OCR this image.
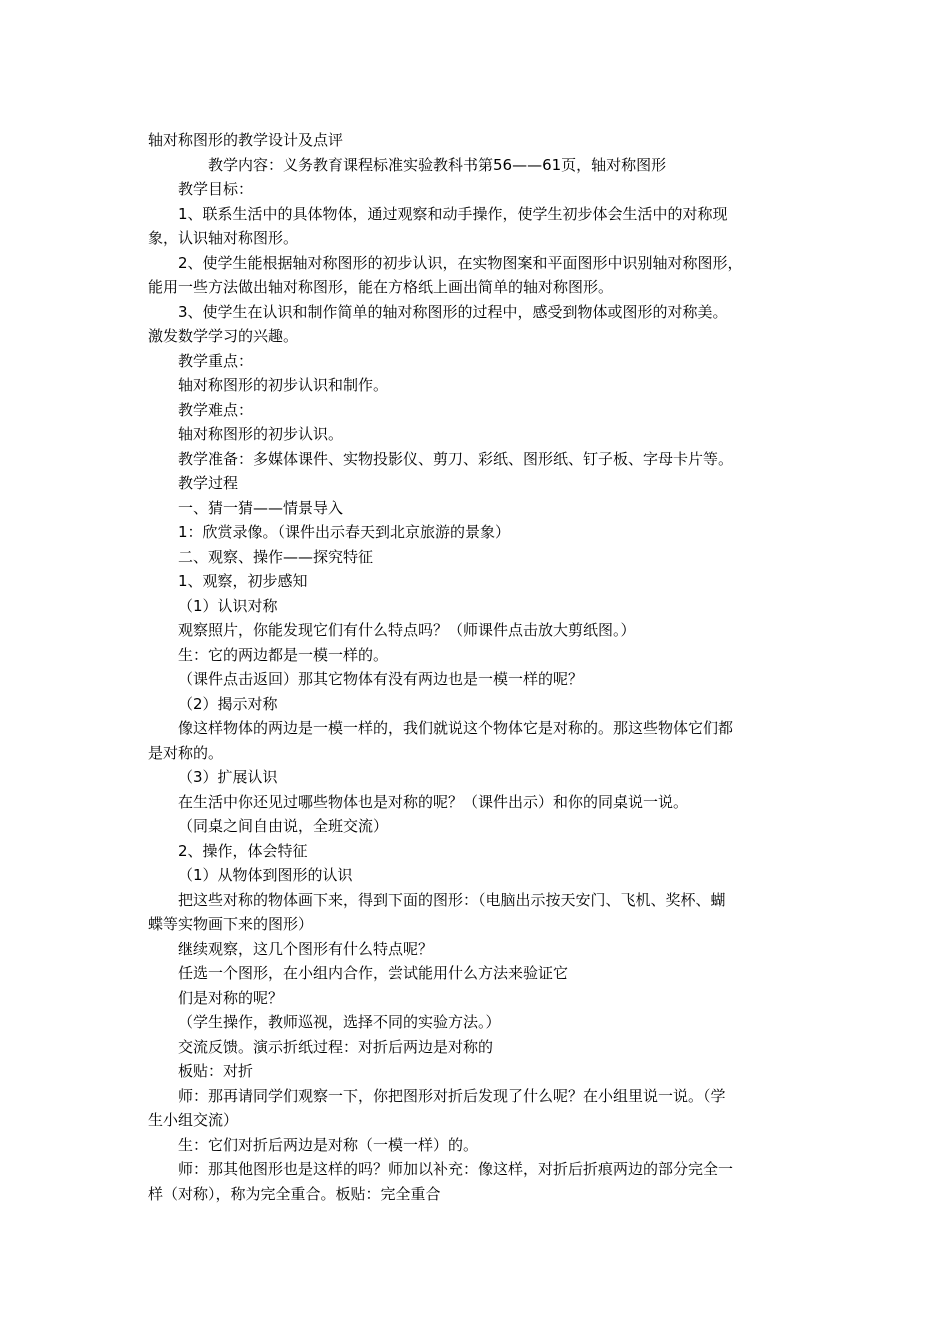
轴对称图形的教学设计及点评
教学内容：义务教育课程标准实验教科书第56——61页，轴对称图形
教学目标：
1、联系生活中的具体物体，通过观察和动手操作，使学生初步体会生活中的对称现
象，认识轴对称图形。
2、使学生能根据轴对称图形的初步认识，在实物图案和平面图形中识别轴对称图形，
能用一些方法做出轴对称图形，能在方格纸上画出简单的轴对称图形。
3、使学生在认识和制作简单的轴对称图形的过程中，感受到物体或图形的对称美。
激发数学学习的兴趣。
教学重点：
轴对称图形的初步认识和制作。
教学难点：
轴对称图形的初步认识。
教学准备：多媒体课件、实物投影仪、剪刀、彩纸、图形纸、钉子板、字母卡片等。
教学过程
一、猜一猜——情景导入
1：欣赏录像。（课件出示春天到北京旅游的景象）
二、观察、操作——探究特征
1、观察，初步感知
（1）认识对称
观察照片，你能发现它们有什么特点吗？（师课件点击放大剪纸图。）
生：它的两边都是一模一样的。
（课件点击返回）那其它物体有没有两边也是一模一样的呢？
（2）揭示对称
像这样物体的两边是一模一样的，我们就说这个物体它是对称的。那这些物体它们都
是对称的。
（3）扩展认识
在生活中你还见过哪些物体也是对称的呢？（课件出示）和你的同桌说一说。
（同桌之间自由说，全班交流）
2、操作，体会特征
（1）从物体到图形的认识
把这些对称的物体画下来，得到下面的图形：（电脑出示按天安门、飞机、奖杯、蝴
蝶等实物画下来的图形）
继续观察，这几个图形有什么特点呢？
任选一个图形，在小组内合作，尝试能用什么方法来验证它
们是对称的呢？
（学生操作，教师巡视，选择不同的实验方法。）
交流反馈。演示折纸过程：对折后两边是对称的
板贴：对折
师：那再请同学们观察一下，你把图形对折后发现了什么呢？在小组里说一说。（学
生小组交流）
生：它们对折后两边是对称（一模一样）的。
师：那其他图形也是这样的吗？师加以补充：像这样，对折后折痕两边的部分完全一
样（对称），称为完全重合。板贴：完全重合
